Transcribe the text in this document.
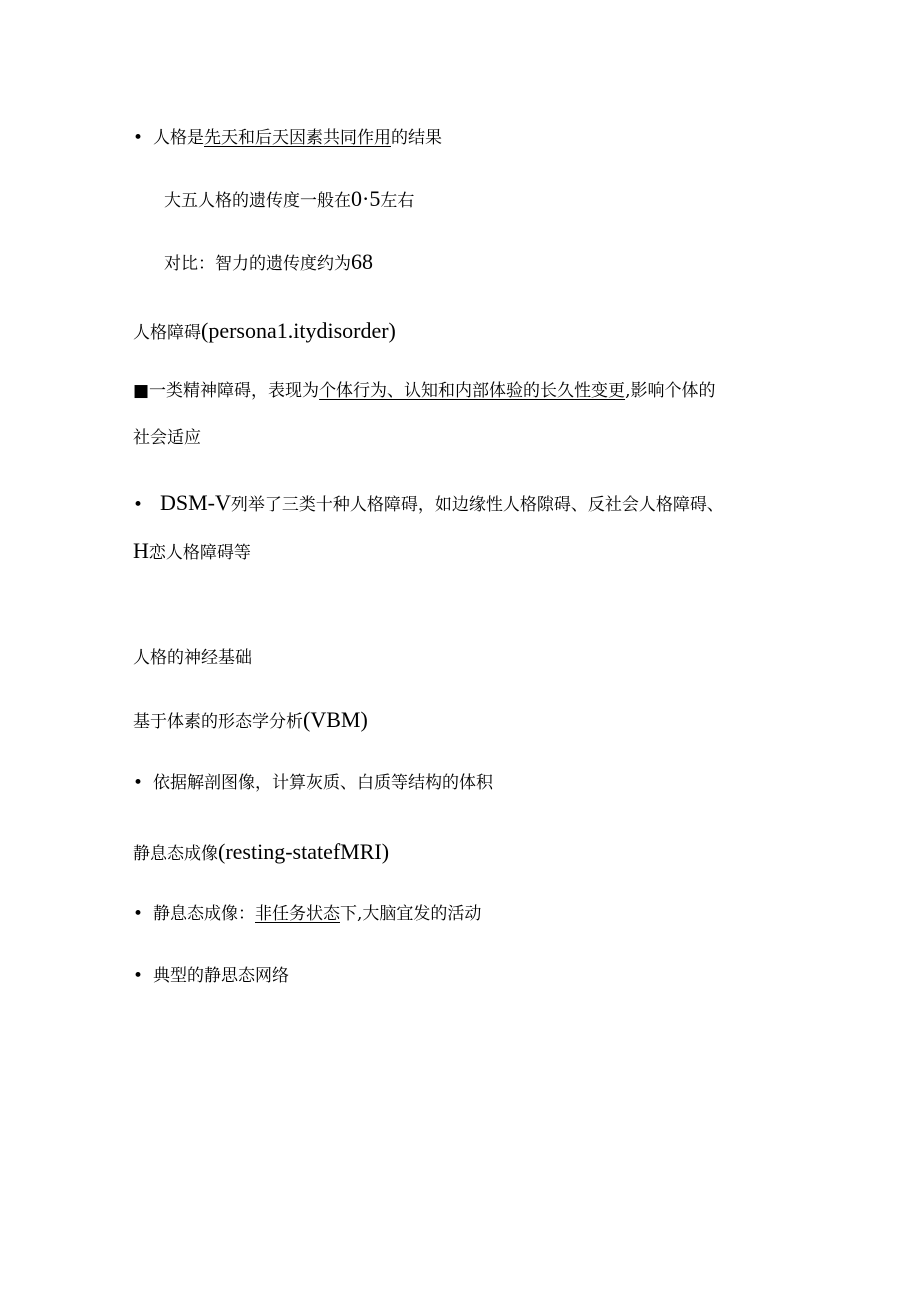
• 人格是先天和后天因素共同作用的结果
大五人格的遗传度一般在0·5左右
对比：智力的遗传度约为68
人格障碍(persona1.itydisorder)
■一类精神障碍，表现为个体行为、认知和内部体验的长久性变更,影响个体的
社会适应
• DSM-V列举了三类十种人格障碍，如边缘性人格隙碍、反社会人格障碍、
H恋人格障碍等
人格的神经基础
基于体素的形态学分析(VBM)
• 依据解剖图像，计算灰质、白质等结构的体积
静息态成像(resting-statefMRI)
• 静息态成像：非任务状态下,大脑宜发的活动
• 典型的静思态网络
